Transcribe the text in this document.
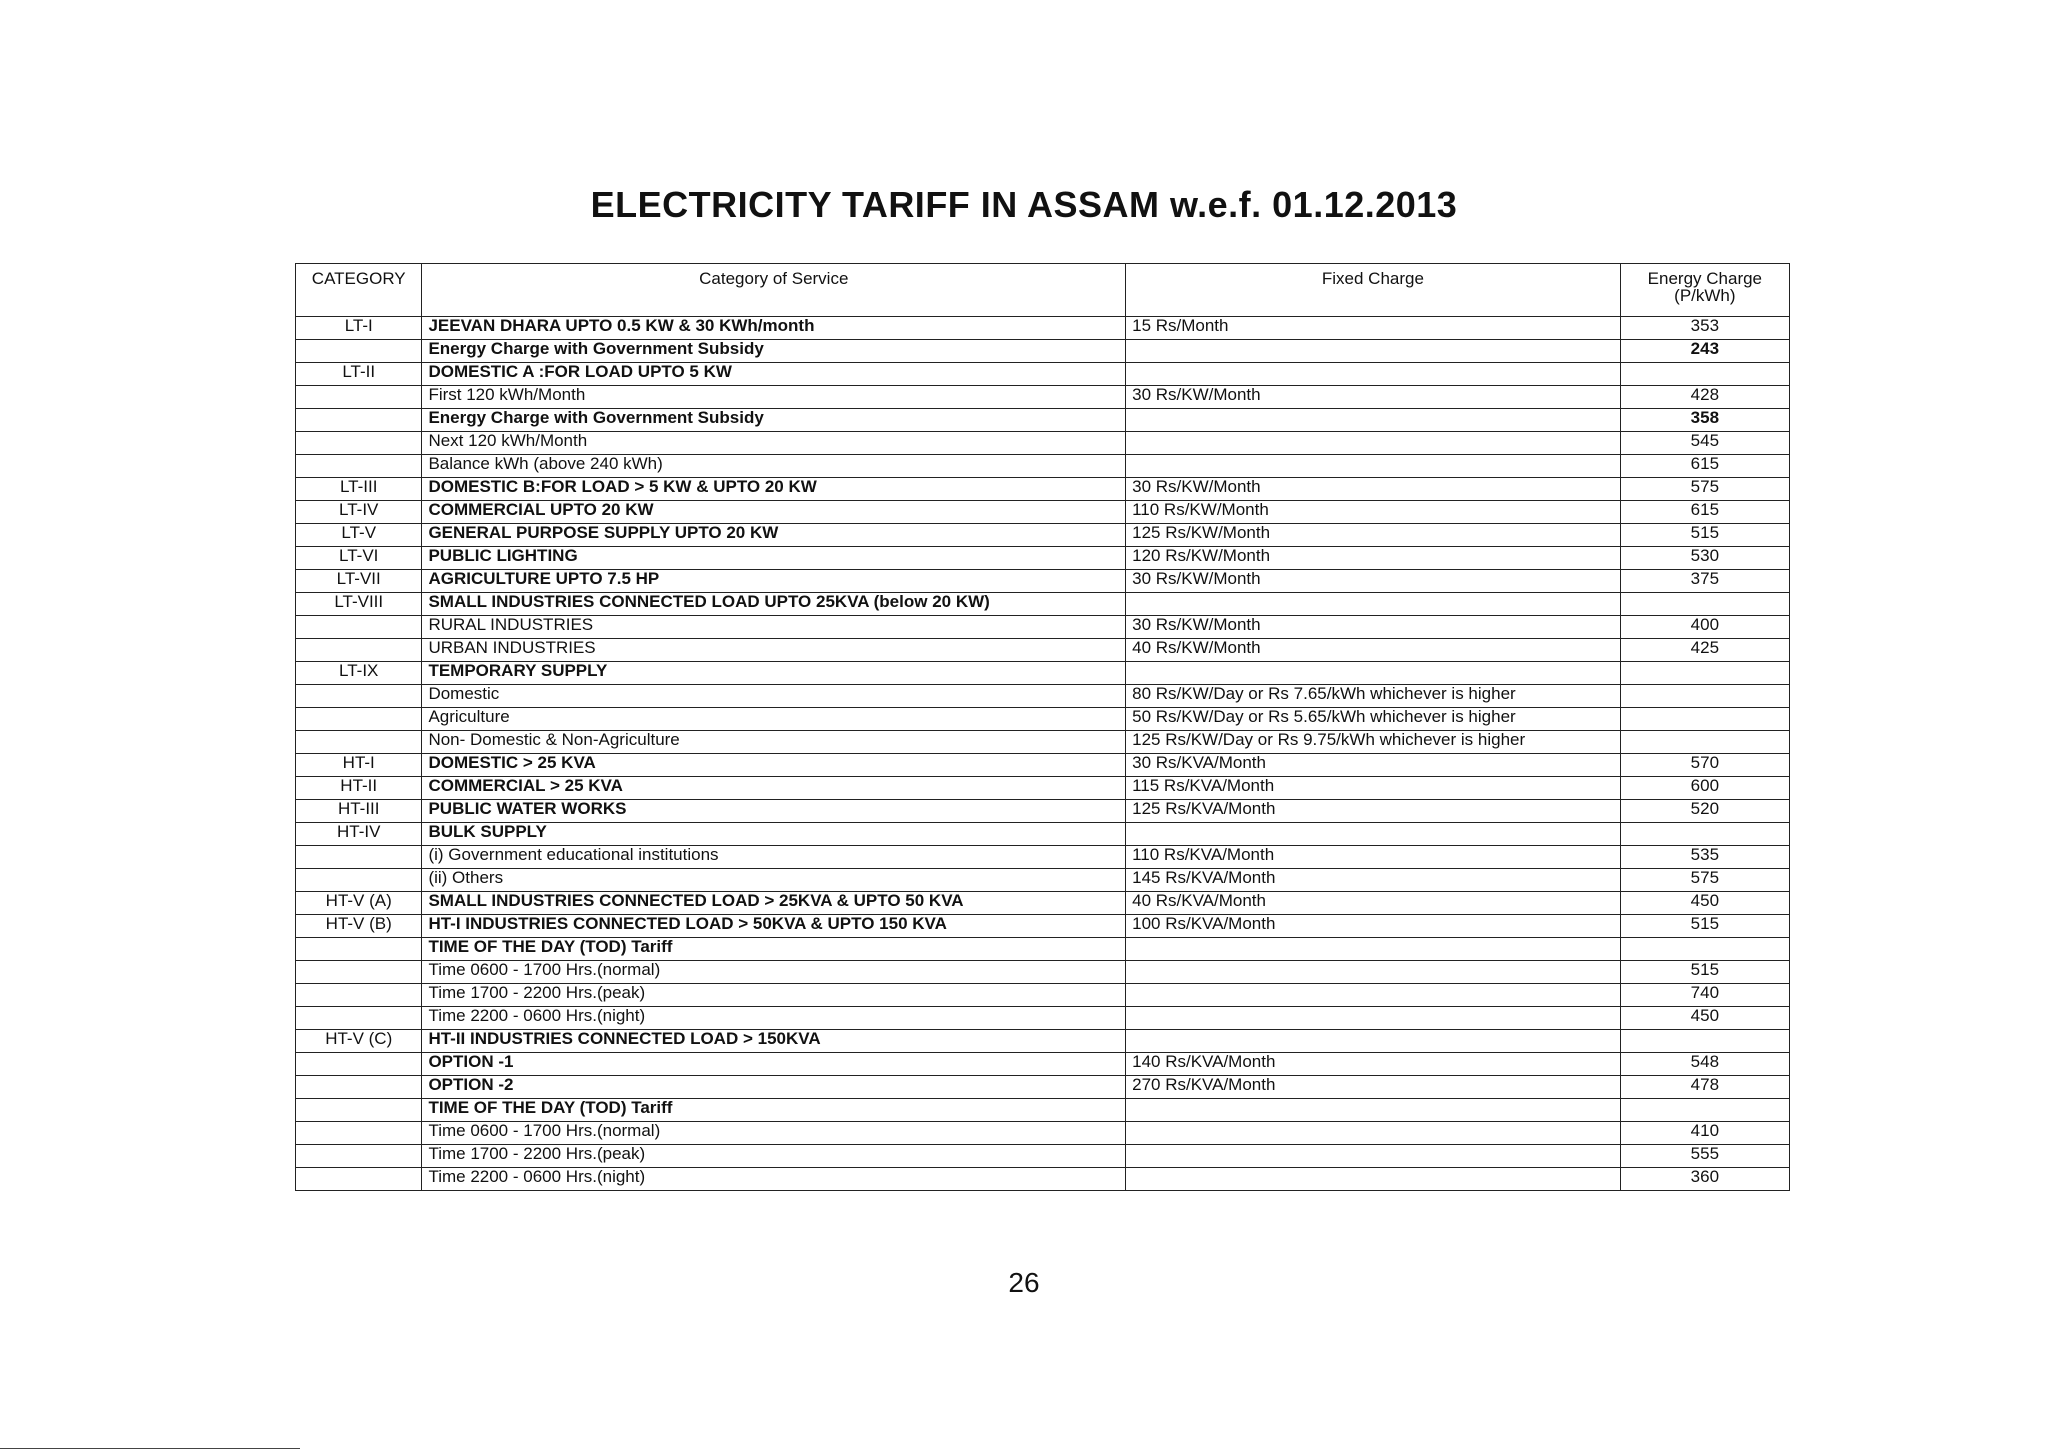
ELECTRICITY TARIFF IN ASSAM w.e.f. 01.12.2013
CATEGORY	Category of Service	Fixed Charge	Energy Charge (P/kWh)
LT-I	JEEVAN DHARA UPTO 0.5 KW & 30 KWh/month	15 Rs/Month	353
	Energy Charge with Government Subsidy		243
LT-II	DOMESTIC A :FOR LOAD UPTO 5 KW		
	First 120 kWh/Month	30 Rs/KW/Month	428
	Energy Charge with Government Subsidy		358
	Next 120 kWh/Month		545
	Balance kWh (above 240 kWh)		615
LT-III	DOMESTIC B:FOR LOAD > 5 KW & UPTO 20 KW	30 Rs/KW/Month	575
LT-IV	COMMERCIAL UPTO 20 KW	110 Rs/KW/Month	615
LT-V	GENERAL PURPOSE SUPPLY UPTO 20 KW	125 Rs/KW/Month	515
LT-VI	PUBLIC LIGHTING	120 Rs/KW/Month	530
LT-VII	AGRICULTURE UPTO 7.5 HP	30 Rs/KW/Month	375
LT-VIII	SMALL INDUSTRIES CONNECTED LOAD UPTO 25KVA (below 20 KW)		
	RURAL INDUSTRIES	30 Rs/KW/Month	400
	URBAN INDUSTRIES	40 Rs/KW/Month	425
LT-IX	TEMPORARY SUPPLY		
	Domestic	80 Rs/KW/Day or Rs 7.65/kWh whichever is higher	
	Agriculture	50 Rs/KW/Day or Rs 5.65/kWh whichever is higher	
	Non- Domestic & Non-Agriculture	125 Rs/KW/Day or Rs 9.75/kWh whichever is higher	
HT-I	DOMESTIC > 25 KVA	30 Rs/KVA/Month	570
HT-II	COMMERCIAL > 25 KVA	115 Rs/KVA/Month	600
HT-III	PUBLIC WATER WORKS	125 Rs/KVA/Month	520
HT-IV	BULK SUPPLY		
	(i) Government educational institutions	110 Rs/KVA/Month	535
	(ii) Others	145 Rs/KVA/Month	575
HT-V (A)	SMALL INDUSTRIES CONNECTED LOAD > 25KVA & UPTO 50 KVA	40 Rs/KVA/Month	450
HT-V (B)	HT-I INDUSTRIES CONNECTED LOAD > 50KVA & UPTO 150 KVA	100 Rs/KVA/Month	515
	TIME OF THE DAY (TOD) Tariff		
	Time 0600 - 1700 Hrs.(normal)		515
	Time 1700 - 2200 Hrs.(peak)		740
	Time 2200 - 0600 Hrs.(night)		450
HT-V (C)	HT-II INDUSTRIES CONNECTED LOAD > 150KVA		
	OPTION -1	140 Rs/KVA/Month	548
	OPTION -2	270 Rs/KVA/Month	478
	TIME OF THE DAY (TOD) Tariff		
	Time 0600 - 1700 Hrs.(normal)		410
	Time 1700 - 2200 Hrs.(peak)		555
	Time 2200 - 0600 Hrs.(night)		360
26
